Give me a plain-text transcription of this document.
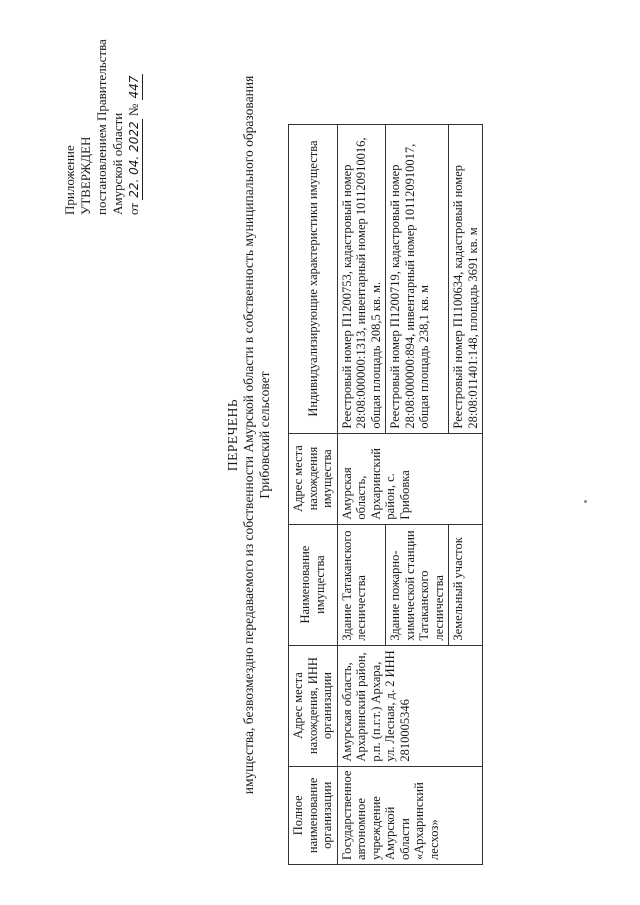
Приложение УТВЕРЖДЕН постановлением Правительства Амурской области от 22. 04. 2022 № 447
ПЕРЕЧЕНЬ имущества, безвозмездно передаваемого из собственности Амурской области в собственность муниципального образования Грибовский сельсовет
Полное наименование организации	Адрес места нахождения, ИНН организации	Наименование имущества	Адрес места нахождения имущества	Индивидуализирующие характеристики имущества
Государственное автономное учреждение Амурской области «Архаринский лесхоз»	Амурская область, Архаринский район, р.п. (п.г.т.) Архара, ул. Лесная, д. 2 ИНН 2810005346	Здание Татаканского лесничества	Амурская область, Архаринский район, с. Грибовка	Реестровый номер П1200753, кадастровый номер 28:08:000000:1313, инвентарный номер 101120910016, общая площадь 208,5 кв. м.
		Здание пожарно-химической станции Татаканского лесничества		Реестровый номер П1200719, кадастровый номер 28:08:000000:894, инвентарный номер 101120910017, общая площадь 238,1 кв. м
		Земельный участок		Реестровый номер П1100634, кадастровый номер 28:08:011401:148, площадь 3691 кв. м
